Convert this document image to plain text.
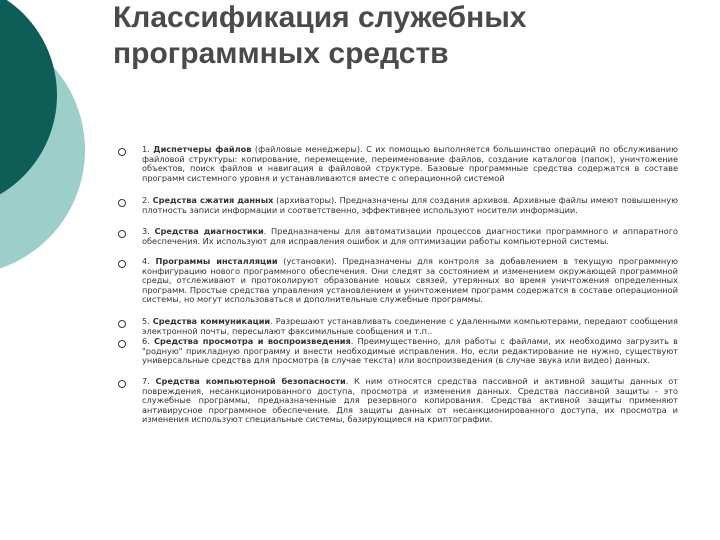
Классификация служебных программных средств
1. Диспетчеры файлов (файловые менеджеры). С их помощью выполняется большинство операций по обслуживанию файловой структуры: копирование, перемещение, переименование файлов, создание каталогов (папок), уничтожение объектов, поиск файлов и навигация в файловой структуре. Базовые программные средства содержатся в составе программ системного уровня и устанавливаются вместе с операционной системой
2. Средства сжатия данных (архиваторы). Предназначены для создания архивов. Архивные файлы имеют повышенную плотность записи информации и соответственно, эффективнее используют носители информации.
3. Средства диагностики. Предназначены для автоматизации процессов диагностики программного и аппаратного обеспечения. Их используют для исправления ошибок и для оптимизации работы компьютерной системы.
4. Программы инсталляции (установки). Предназначены для контроля за добавлением в текущую программную конфигурацию нового программного обеспечения. Они следят за состоянием и изменением окружающей программной среды, отслеживают и протоколируют образование новых связей, утерянных во время уничтожения определенных программ. Простые средства управления установлением и уничтожением программ содержатся в составе операционной системы, но могут использоваться и дополнительные служебные программы.
5. Средства коммуникации. Разрешают устанавливать соединение с удаленными компьютерами, передают сообщения электронной почты, пересылают факсимильные сообщения и т.п..
6. Средства просмотра и воспроизведения. Преимущественно, для работы с файлами, их необходимо загрузить в "родную" прикладную программу и внести необходимые исправления. Но, если редактирование не нужно, существуют универсальные средства для просмотра (в случае текста) или воспроизведения (в случае звука или видео) данных.
7. Средства компьютерной безопасности. К ним относятся средства пассивной и активной защиты данных от повреждения, несанкционированного доступа, просмотра и изменения данных. Средства пассивной защиты - это служебные программы, предназначенные для резервного копирования. Средства активной защиты применяют антивирусное программное обеспечение. Для защиты данных от несанкционированного доступа, их просмотра и изменения используют специальные системы, базирующиеся на криптографии.
